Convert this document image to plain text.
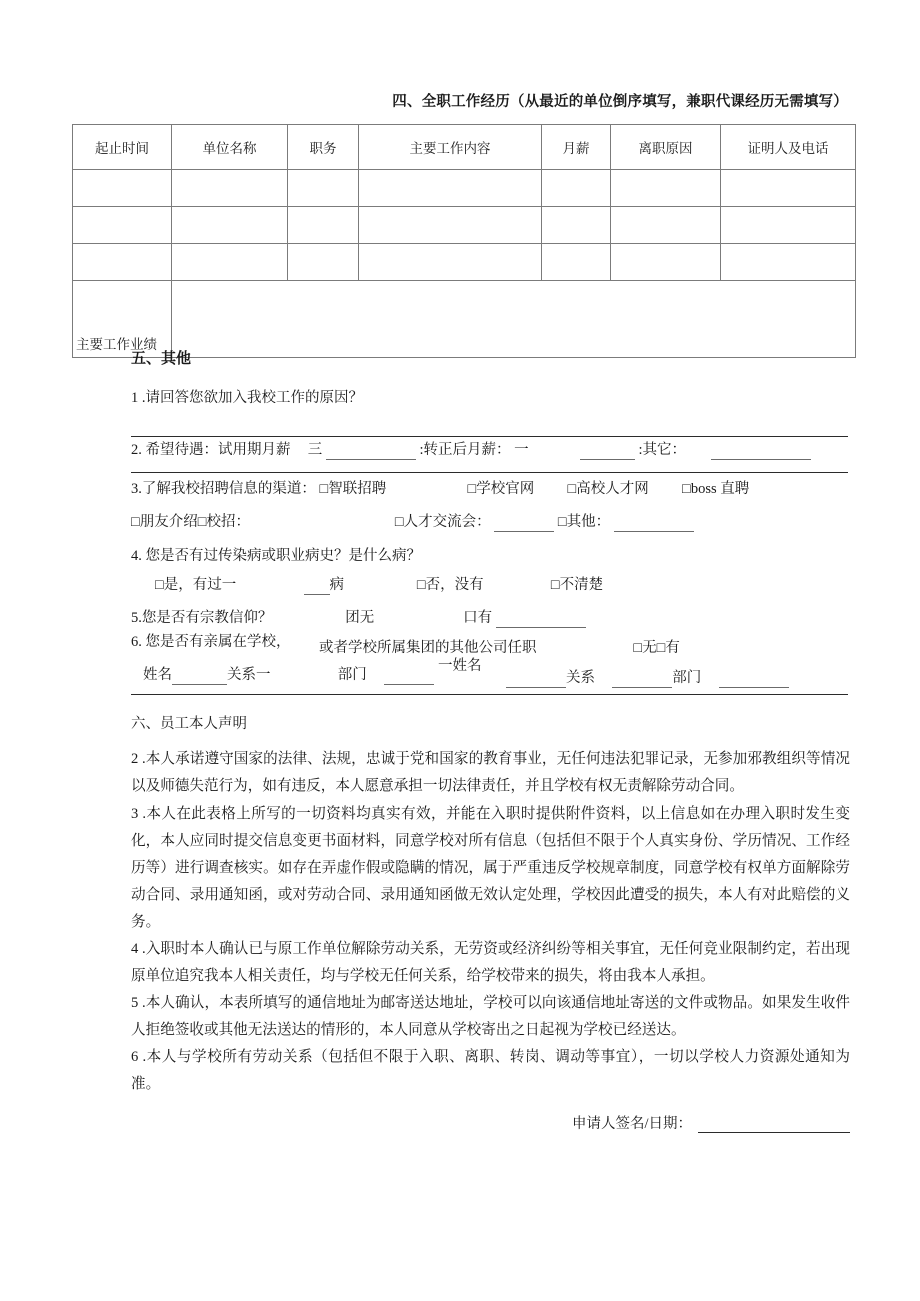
四、全职工作经历（从最近的单位倒序填写，兼职代课经历无需填写）
起止时间	单位名称	职务	主要工作内容	月薪	离职原因	证明人及电话

主要工作业绩						
五、其他
1 .请回答您欲加入我校工作的原因？
2. 希望待遇：试用期月薪 三	:转正后月薪： 一	:其它：
3.了解我校招聘信息的渠道： □智联招聘	□学校官网 □高校人才网 □boss 直聘
□朋友介绍□校招：	□人才交流会：	□其他：
4. 您是否有过传染病或职业病史？是什么病？
□是，有过一	病	□否，没有	□不清楚
5.您是否有宗教信仰？	团无	口有
6. 您是否有亲属在学校，	或者学校所属集团的其他公司任职	□无□有
姓名	关系一	部门
一姓名
关系	部门
六、员工本人声明
2 .本人承诺遵守国家的法律、法规，忠诚于党和国家的教育事业，无任何违法犯罪记录，无参加邪教组织等情况以及师德失范行为，如有违反，本人愿意承担一切法律责任，并且学校有权无责解除劳动合同。
3 .本人在此表格上所写的一切资料均真实有效，并能在入职时提供附件资料，以上信息如在办理入职时发生变化，本人应同时提交信息变更书面材料，同意学校对所有信息（包括但不限于个人真实身份、学历情况、工作经历等）进行调查核实。如存在弄虚作假或隐瞒的情况，属于严重违反学校规章制度，同意学校有权单方面解除劳动合同、录用通知函，或对劳动合同、录用通知函做无效认定处理，学校因此遭受的损失，本人有对此赔偿的义务。
4 .入职时本人确认已与原工作单位解除劳动关系，无劳资或经济纠纷等相关事宜，无任何竞业限制约定，若出现原单位追究我本人相关责任，均与学校无任何关系，给学校带来的损失，将由我本人承担。
5 .本人确认，本表所填写的通信地址为邮寄送达地址，学校可以向该通信地址寄送的文件或物品。如果发生收件人拒绝签收或其他无法送达的情形的，本人同意从学校寄出之日起视为学校已经送达。
6 .本人与学校所有劳动关系（包括但不限于入职、离职、转岗、调动等事宜），一切以学校人力资源处通知为准。
申请人签名/日期：
